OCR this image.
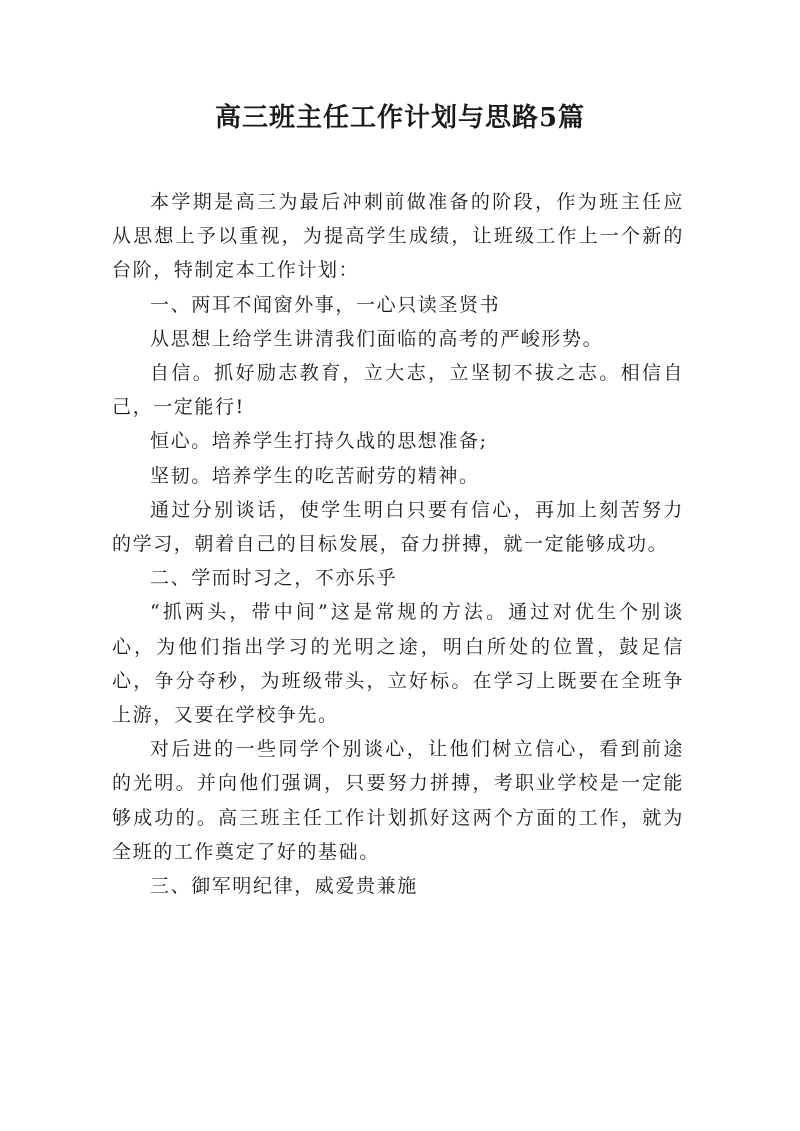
高三班主任工作计划与思路5篇

本学期是高三为最后冲刺前做准备的阶段，作为班主任应从思想上予以重视，为提高学生成绩，让班级工作上一个新的台阶，特制定本工作计划：

一、两耳不闻窗外事，一心只读圣贤书

从思想上给学生讲清我们面临的高考的严峻形势。

自信。抓好励志教育，立大志，立坚韧不拔之志。相信自己，一定能行!

恒心。培养学生打持久战的思想准备;

坚韧。培养学生的吃苦耐劳的精神。

通过分别谈话，使学生明白只要有信心，再加上刻苦努力的学习，朝着自己的目标发展，奋力拼搏，就一定能够成功。

二、学而时习之，不亦乐乎

“抓两头，带中间”这是常规的方法。通过对优生个别谈心，为他们指出学习的光明之途，明白所处的位置，鼓足信心，争分夺秒，为班级带头，立好标。在学习上既要在全班争上游，又要在学校争先。

对后进的一些同学个别谈心，让他们树立信心，看到前途的光明。并向他们强调，只要努力拼搏，考职业学校是一定能够成功的。高三班主任工作计划抓好这两个方面的工作，就为全班的工作奠定了好的基础。

三、御军明纪律，威爱贵兼施
